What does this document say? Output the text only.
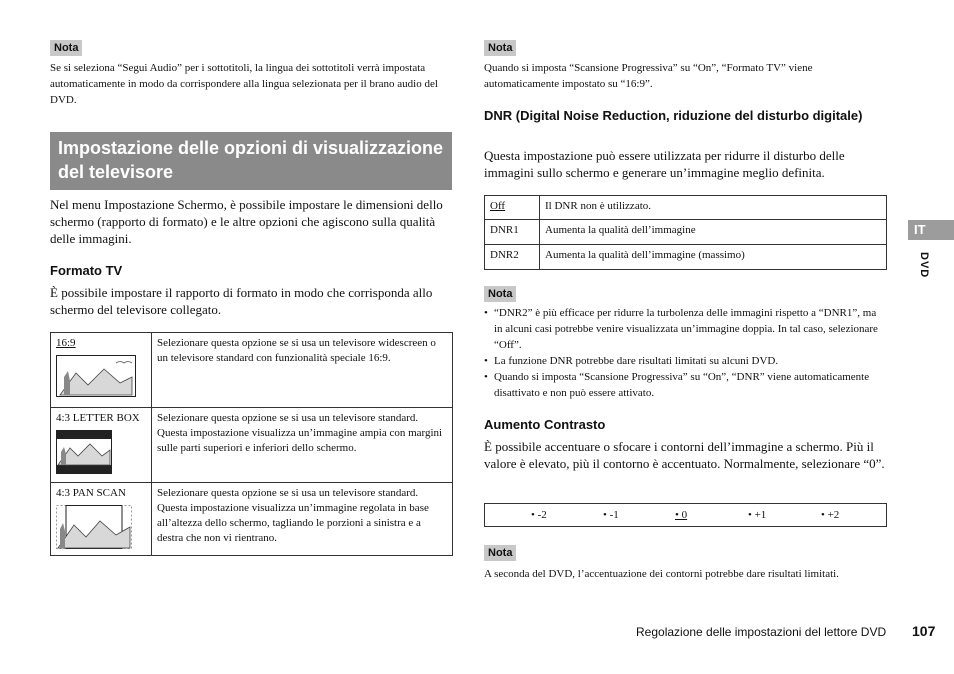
Nota
Se si seleziona “Segui Audio” per i sottotitoli, la lingua dei sottotitoli verrà impostata automaticamente in modo da corrispondere alla lingua selezionata per il brano audio del DVD.
Impostazione delle opzioni di visualizzazione del televisore
Nel menu Impostazione Schermo, è possibile impostare le dimensioni dello schermo (rapporto di formato) e le altre opzioni che agiscono sulla qualità delle immagini.
Formato TV
È possibile impostare il rapporto di formato in modo che corrisponda allo schermo del televisore collegato.
16:9	Selezionare questa opzione se si usa un televisore widescreen o un televisore standard con funzionalità speciale 16:9.
4:3 LETTER BOX	Selezionare questa opzione se si usa un televisore standard. Questa impostazione visualizza un’immagine ampia con margini sulle parti superiori e inferiori dello schermo.
4:3 PAN SCAN	Selezionare questa opzione se si usa un televisore standard. Questa impostazione visualizza un’immagine regolata in base all’altezza dello schermo, tagliando le porzioni a sinistra e a destra che non vi rientrano.
Nota
Quando si imposta “Scansione Progressiva” su “On”, “Formato TV” viene automaticamente impostato su “16:9”.
DNR (Digital Noise Reduction, riduzione del disturbo digitale)
Questa impostazione può essere utilizzata per ridurre il disturbo delle immagini sullo schermo e generare un’immagine meglio definita.
Off	Il DNR non è utilizzato.
DNR1	Aumenta la qualità dell’immagine
DNR2	Aumenta la qualità dell’immagine (massimo)
Nota
• “DNR2” è più efficace per ridurre la turbolenza delle immagini rispetto a “DNR1”, ma in alcuni casi potrebbe venire visualizzata un’immagine doppia. In tal caso, selezionare “Off”.
• La funzione DNR potrebbe dare risultati limitati su alcuni DVD.
• Quando si imposta “Scansione Progressiva” su “On”, “DNR” viene automaticamente disattivato e non può essere attivato.
Aumento Contrasto
È possibile accentuare o sfocare i contorni dell’immagine a schermo. Più il valore è elevato, più il contorno è accentuato. Normalmente, selezionare “0”.
• -2	• -1	• 0	• +1	• +2
Nota
A seconda del DVD, l’accentuazione dei contorni potrebbe dare risultati limitati.
IT
DVD
Regolazione delle impostazioni del lettore DVD 107
